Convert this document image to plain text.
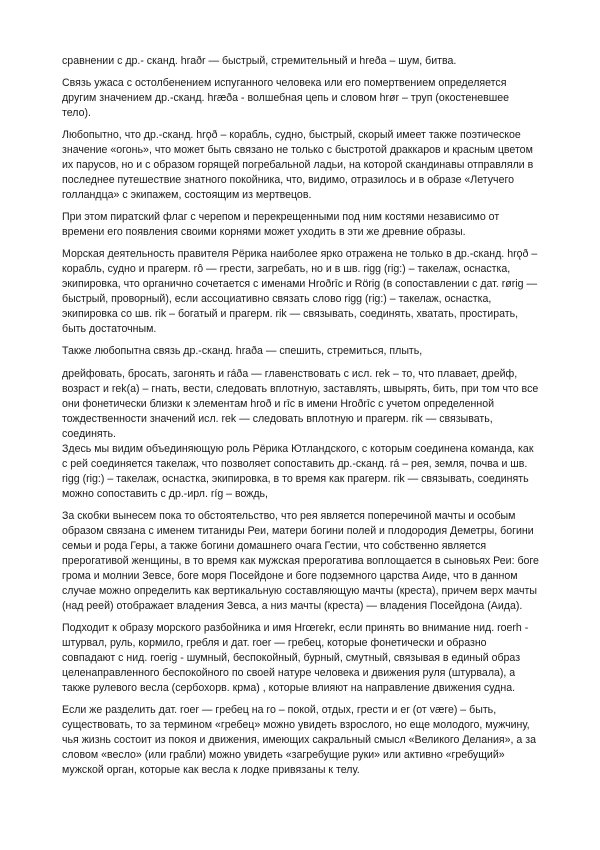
сравнении с др.- сканд. hraðr — быстрый, стремительный и hreða – шум, битва.

Связь ужаса с остолбенением испуганного человека или его помертвением определяется другим значением др.-сканд. hræða - волшебная цепь и словом hrør – труп (окостеневшее тело).

Любопытно, что др.-сканд. hrǫð – корабль, судно, быстрый, скорый имеет также поэтическое значение «огонь», что может быть связано не только с быстротой драккаров и красным цветом их парусов, но и с образом горящей погребальной ладьи, на которой скандинавы отправляли в последнее путешествие знатного покойника, что, видимо, отразилось и в образе «Летучего голландца» с экипажем, состоящим из мертвецов.

При этом пиратский флаг с черепом и перекрещенными под ним костями независимо от времени его появления своими корнями может уходить в эти же древние образы.

Морская деятельность правителя Рёрика наиболее ярко отражена не только в др.-сканд. hrǫð – корабль, судно и прагерм. rô — грести, загребать, но и в шв. rigg (rig:) – такелаж, оснастка, экипировка, что органично сочетается с именами Hroðrīc и Rörig (в сопоставлении с дат. rørig — быстрый, проворный), если ассоциативно связать слово rigg (rig:) – такелаж, оснастка, экипировка со шв. rik – богатый и прагерм. rik — связывать, соединять, хватать, простирать, быть достаточным.

Также любопытна связь др.-сканд. hraða — спешить, стремиться, плыть,

дрейфовать, бросать, загонять и ráða — главенствовать с исл. rek – то, что плавает, дрейф, возраст и rek(a) – гнать, вести, следовать вплотную, заставлять, швырять, бить, при том что все они фонетически близки к элементам hroð и rīc в имени Hroðrīc с учетом определенной тождественности значений исл. rek — следовать вплотную и прагерм. rik — связывать, соединять.

Здесь мы видим объединяющую роль Рёрика Ютландского, с которым соединена команда, как с рей соединяется такелаж, что позволяет сопоставить др.-сканд. rá – рея, земля, почва и шв. rigg (rig:) – такелаж, оснастка, экипировка, в то время как прагерм. rik — связывать, соединять можно сопоставить с др.-ирл. ríg – вождь,

За скобки вынесем пока то обстоятельство, что рея является поперечиной мачты и особым образом связана с именем титаниды Реи, матери богини полей и плодородия Деметры, богини семьи и рода Геры, а также богини домашнего очага Гестии, что собственно является прерогативой женщины, в то время как мужская прерогатива воплощается в сыновьях Реи: боге грома и молнии Зевсе, боге моря Посейдоне и боге подземного царства Аиде, что в данном случае можно определить как вертикальную составляющую мачты (креста), причем верх мачты (над реей) отображает владения Зевса, а низ мачты (креста) — владения Посейдона (Аида).

Подходит к образу морского разбойника и имя Hrœrekr, если принять во внимание нид. roerh - штурвал, руль, кормило, гребля и дат. roer — гребец, которые фонетически и образно совпадают с нид. roerig - шумный, беспокойный, бурный, смутный, связывая в единый образ целенаправленного беспокойного по своей натуре человека и движения руля (штурвала), а также рулевого весла (сербохорв. крма) , которые влияют на направление движения судна.

Если же разделить дат. roer — гребец на ro – покой, отдых, грести и er (от være) – быть, существовать, то за термином «гребец» можно увидеть взрослого, но еще молодого, мужчину, чья жизнь состоит из покоя и движения, имеющих сакральный смысл «Великого Делания», а за словом «весло» (или грабли) можно увидеть «загребущие руки» или активно «гребущий» мужской орган, которые как весла к лодке привязаны к телу.
